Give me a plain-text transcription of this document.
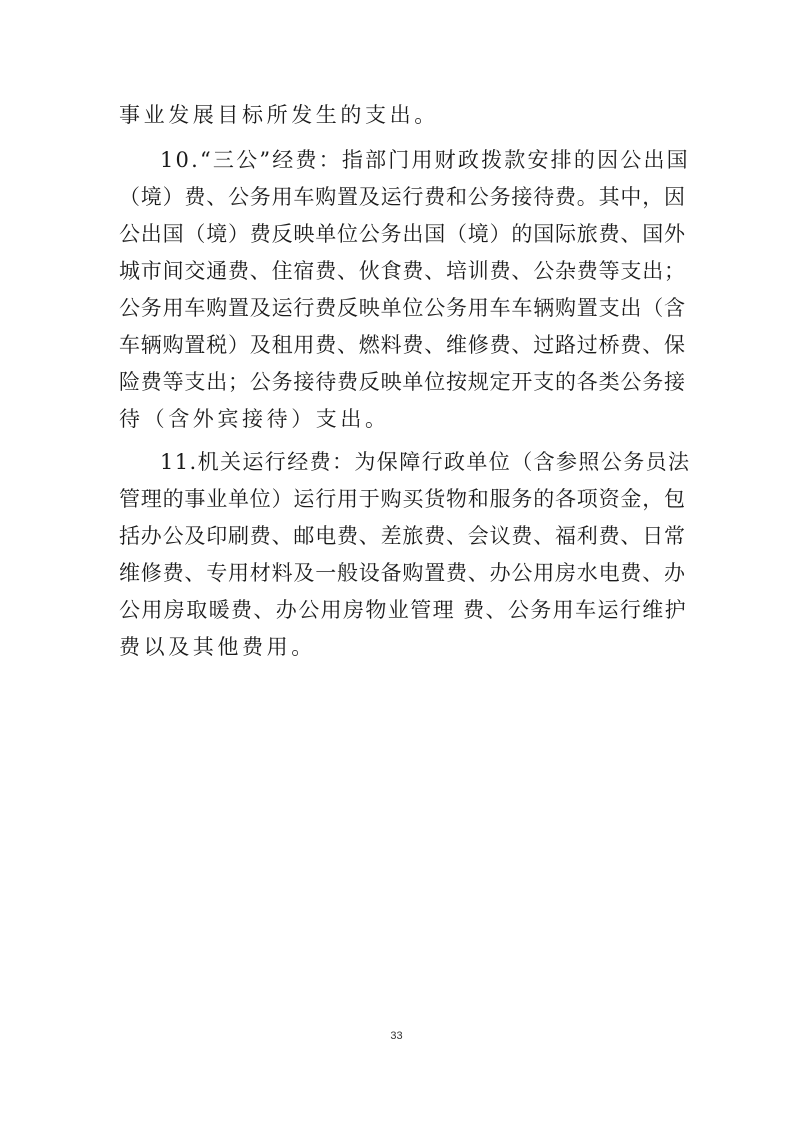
事业发展目标所发生的支出。
10.“三公”经费：指部门用财政拨款安排的因公出国
（境）费、公务用车购置及运行费和公务接待费。其中，因
公出国（境）费反映单位公务出国（境）的国际旅费、国外
城市间交通费、住宿费、伙食费、培训费、公杂费等支出；
公务用车购置及运行费反映单位公务用车车辆购置支出（含
车辆购置税）及租用费、燃料费、维修费、过路过桥费、保
险费等支出；公务接待费反映单位按规定开支的各类公务接
待（含外宾接待）支出。
11.机关运行经费：为保障行政单位（含参照公务员法
管理的事业单位）运行用于购买货物和服务的各项资金，包
括办公及印刷费、邮电费、差旅费、会议费、福利费、日常
维修费、专用材料及一般设备购置费、办公用房水电费、办
公用房取暖费、办公用房物业管理 费、公务用车运行维护
费以及其他费用。
33
